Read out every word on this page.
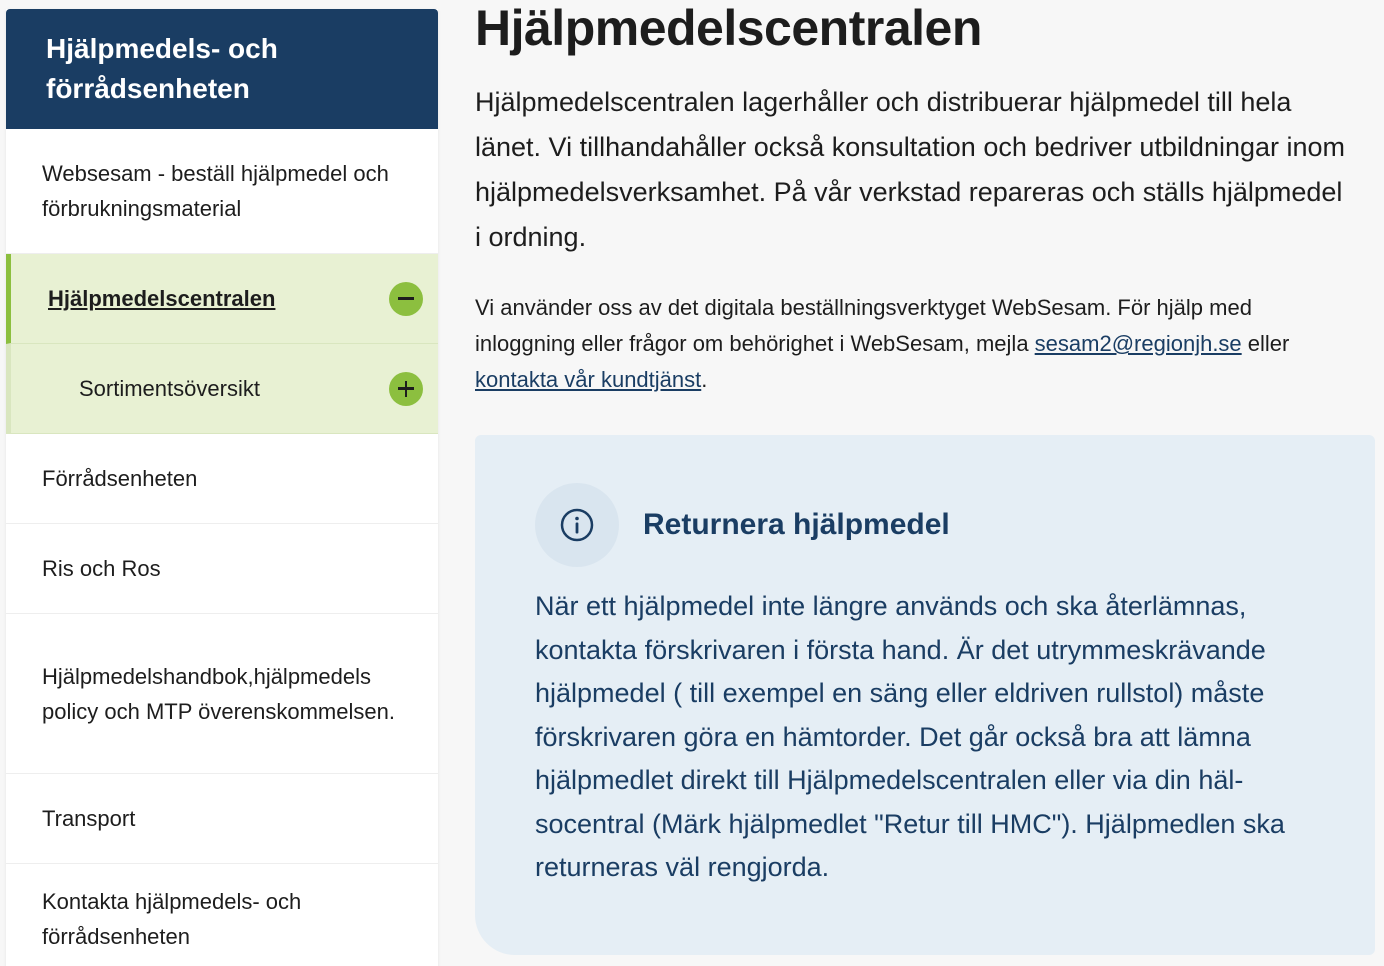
Hjälpmedels- och förrådsenheten
Websesam - beställ hjälpmedel och förbrukningsmaterial
Hjälpmedelscentralen
Sortimentsöversikt
Förrådsenheten
Ris och Ros
Hjälpmedelshandbok,hjälpmedels policy och MTP överenskommelsen.
Transport
Kontakta hjälpmedels- och förrådsenheten
Hjälpmedelscentralen

Hjälpmedelscentralen lagerhåller och distribuerar hjälpmedel till hela länet. Vi tillhandahåller också konsultation och bedriver utbildningar inom hjälpmedelsverksamhet. På vår verkstad repareras och ställs hjälpmedel i ordning.

Vi använder oss av det digitala beställningsverktyget WebSesam. För hjälp med inloggning eller frågor om behörighet i WebSesam, mejla sesam2@regionjh.se eller kontakta vår kundtjänst.

Returnera hjälpmedel

När ett hjälpmedel inte längre används och ska återlämnas, kontakta förskrivaren i första hand. Är det utrymmeskrävande hjälpmedel ( till exempel en säng eller eldriven rullstol) måste förskrivaren göra en hämtorder. Det går också bra att lämna hjälpmedlet direkt till Hjälpmedelscentralen eller via din häl-socentral (Märk hjälpmedlet "Retur till HMC"). Hjälpmedlen ska returneras väl rengjorda.
